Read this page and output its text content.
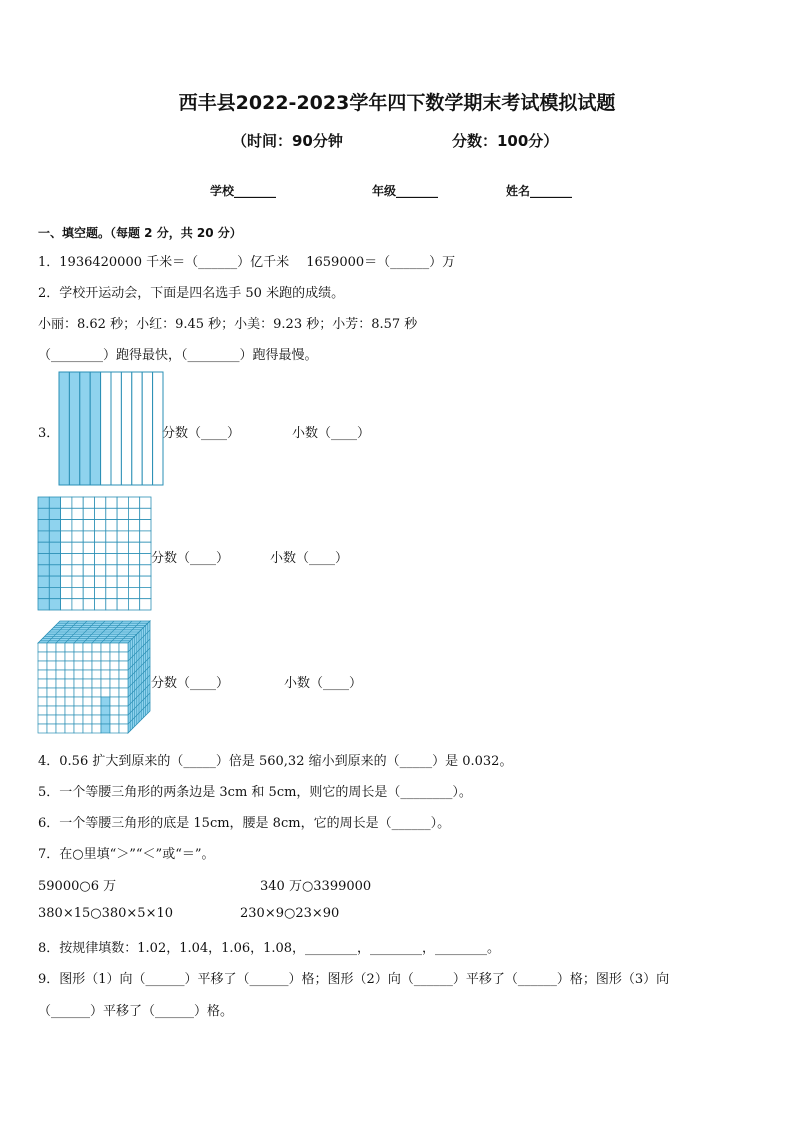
西丰县2022-2023学年四下数学期末考试模拟试题
（时间：90分钟	分数：100分）
学校_______	年级_______	姓名_______
一、填空题。（每题 2 分，共 20 分）
1．1936420000 千米＝（______）亿千米　 1659000＝（______）万
2．学校开运动会，下面是四名选手 50 米跑的成绩。
小丽：8.62 秒；小红：9.45 秒；小美：9.23 秒；小芳：8.57 秒
（________）跑得最快，（________）跑得最慢。
3．	分数（____）	小数（____）
分数（____）	小数（____）
分数（____）	小数（____）
4．0.56 扩大到原来的（_____）倍是 560,32 缩小到原来的（_____）是 0.032。
5．一个等腰三角形的两条边是 3cm 和 5cm，则它的周长是（________）。
6．一个等腰三角形的底是 15cm，腰是 8cm，它的周长是（______）。
7．在○里填“＞”“＜”或“＝”。
59000○6 万	340 万○3399000
380×15○380×5×10	230×9○23×90
8．按规律填数：1.02，1.04，1.06，1.08，________，________，________。
9．图形（1）向（______）平移了（______）格；图形（2）向（______）平移了（______）格；图形（3）向
（______）平移了（______）格。
